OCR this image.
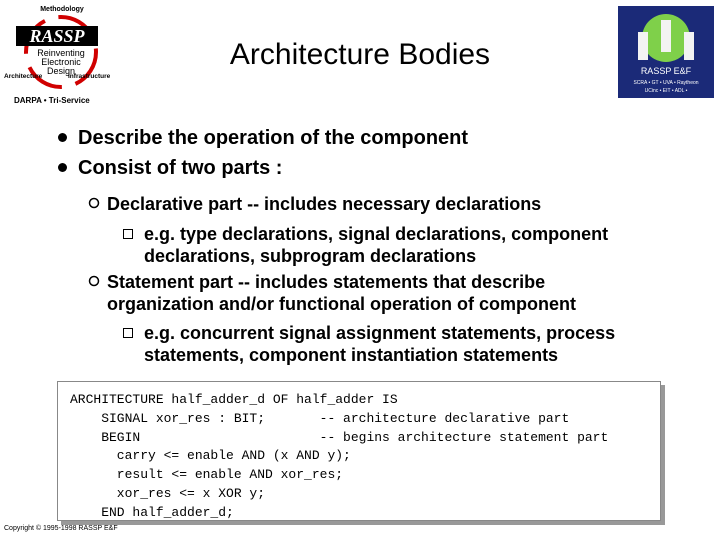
Methodology
RASSP
Reinventing
Electronic
Design
Architecture	Infrastructure
DARPA • Tri-Service
Architecture Bodies	RASSP E&F
SCRA • GT • UVA • Raytheon
UCinc • EIT • ADL •
Describe the operation of the component
Consist of two parts :
Declarative part -- includes necessary declarations
e.g. type declarations, signal declarations, component declarations, subprogram declarations
Statement part -- includes statements that describe organization and/or functional operation of component
e.g. concurrent signal assignment statements, process statements, component instantiation statements
ARCHITECTURE half_adder_d OF half_adder IS
SIGNAL xor_res : BIT;       -- architecture declarative part
BEGIN                       -- begins architecture statement part
carry <= enable AND (x AND y);
result <= enable AND xor_res;
xor_res <= x XOR y;
END half_adder_d;
Copyright © 1995-1998 RASSP E&F
